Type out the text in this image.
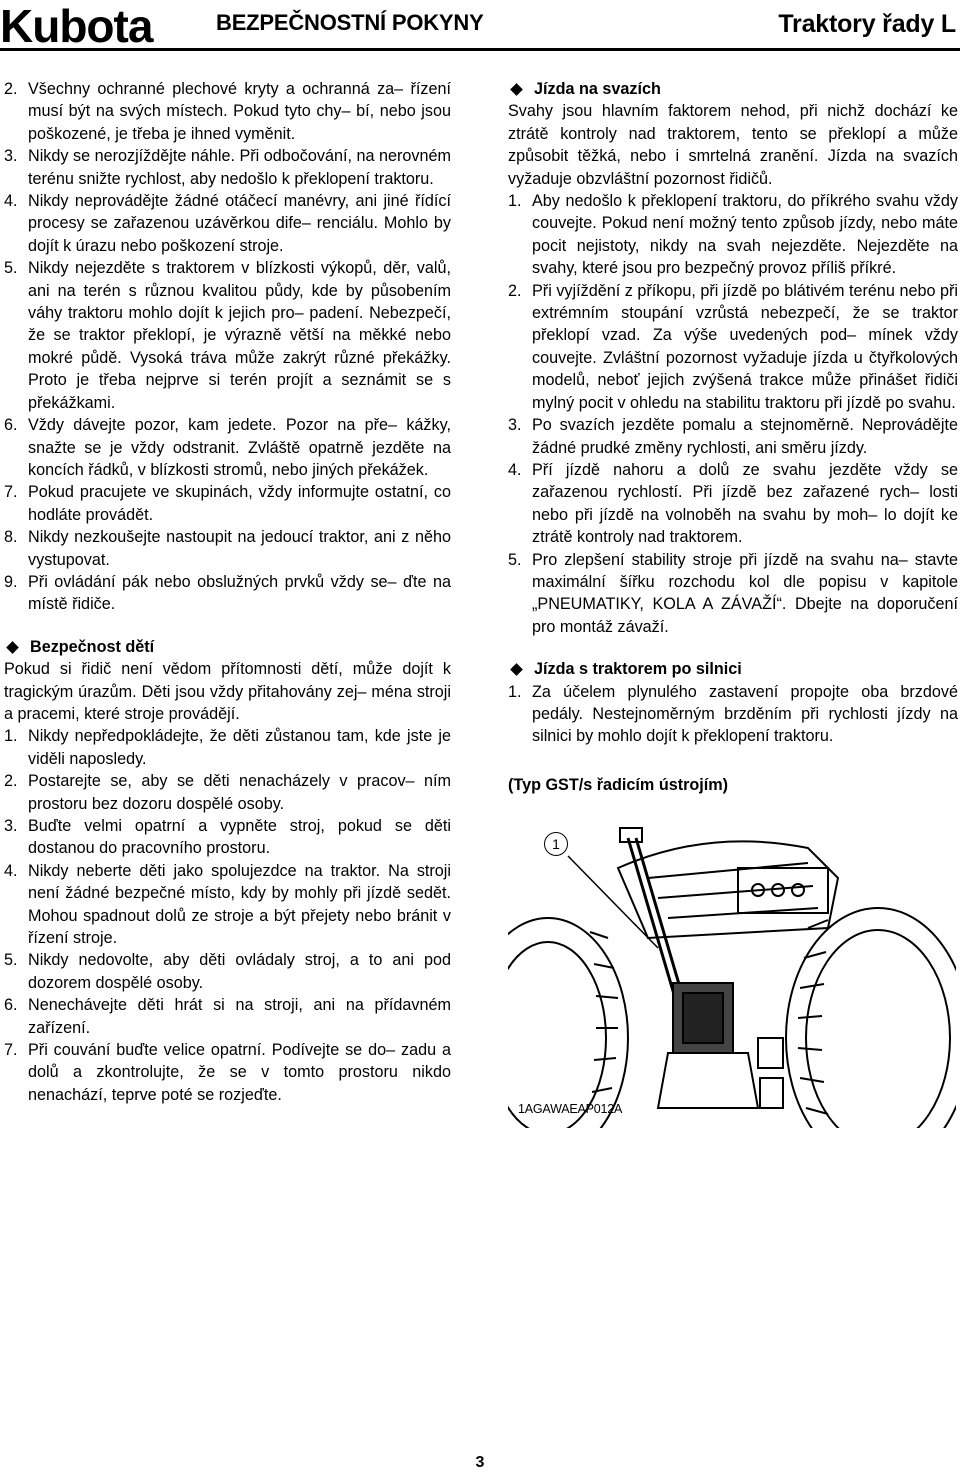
Kubota	BEZPEČNOSTNÍ POKYNY	Traktory řady L
2. Všechny ochranné plechové kryty a ochranná za– řízení musí být na svých místech. Pokud tyto chy– bí, nebo jsou poškozené, je třeba je ihned vyměnit.
3. Nikdy se nerozjíždějte náhle. Při odbočování, na nerovném terénu snižte rychlost, aby nedošlo k překlopení traktoru.
4. Nikdy neprovádějte žádné otáčecí manévry, ani jiné řídící procesy se zařazenou uzávěrkou dife– renciálu. Mohlo by dojít k úrazu nebo poškození stroje.
5. Nikdy nejezděte s traktorem v blízkosti výkopů, děr, valů, ani na terén s různou kvalitou půdy, kde by působením váhy traktoru mohlo dojít k jejich pro– padení. Nebezpečí, že se traktor překlopí, je výrazně větší na měkké nebo mokré půdě. Vysoká tráva může zakrýt různé překážky. Proto je třeba nejprve si terén projít a seznámit se s překážkami.
6. Vždy dávejte pozor, kam jedete. Pozor na pře– kážky, snažte se je vždy odstranit. Zvláště opatrně jezděte na koncích řádků, v blízkosti stromů, nebo jiných překážek.
7. Pokud pracujete ve skupinách, vždy informujte ostatní, co hodláte provádět.
8. Nikdy nezkoušejte nastoupit na jedoucí traktor, ani z něho vystupovat.
9. Při ovládání pák nebo obslužných prvků vždy se– ďte na místě řidiče.
Bezpečnost dětí
Pokud si řidič není vědom přítomnosti dětí, může dojít k tragickým úrazům. Děti jsou vždy přitahovány zej– ména stroji a pracemi, které stroje provádějí.
1. Nikdy nepředpokládejte, že děti zůstanou tam, kde jste je viděli naposledy.
2. Postarejte se, aby se děti nenacházely v pracov– ním prostoru bez dozoru dospělé osoby.
3. Buďte velmi opatrní a vypněte stroj, pokud se děti dostanou do pracovního prostoru.
4. Nikdy neberte děti jako spolujezdce na traktor. Na stroji není žádné bezpečné místo, kdy by mohly při jízdě sedět. Mohou spadnout dolů ze stroje a být přejety nebo bránit v řízení stroje.
5. Nikdy nedovolte, aby děti ovládaly stroj, a to ani pod dozorem dospělé osoby.
6. Nenechávejte děti hrát si na stroji, ani na přídavném zařízení.
7. Při couvání buďte velice opatrní. Podívejte se do– zadu a dolů a zkontrolujte, že se v tomto prostoru nikdo nenachází, teprve poté se rozjeďte.
Jízda na svazích
Svahy jsou hlavním faktorem nehod, při nichž dochází ke ztrátě kontroly nad traktorem, tento se překlopí a může způsobit těžká, nebo i smrtelná zranění. Jízda na svazích vyžaduje obzvláštní pozornost řidičů.
1. Aby nedošlo k překlopení traktoru, do příkrého svahu vždy couvejte. Pokud není možný tento způsob jízdy, nebo máte pocit nejistoty, nikdy na svah nejezděte. Nejezděte na svahy, které jsou pro bezpečný provoz příliš příkré.
2. Při vyjíždění z příkopu, při jízdě po blátivém terénu nebo při extrémním stoupání vzrůstá nebezpečí, že se traktor překlopí vzad. Za výše uvedených pod– mínek vždy couvejte. Zvláštní pozornost vyžaduje jízda u čtyřkolových modelů, neboť jejich zvýšená trakce může přinášet řidiči mylný pocit v ohledu na stabilitu traktoru při jízdě po svahu.
3. Po svazích jezděte pomalu a stejnoměrně. Neprovádějte žádné prudké změny rychlosti, ani směru jízdy.
4. Pří jízdě nahoru a dolů ze svahu jezděte vždy se zařazenou rychlostí. Při jízdě bez zařazené rych– losti nebo při jízdě na volnoběh na svahu by moh– lo dojít ke ztrátě kontroly nad traktorem.
5. Pro zlepšení stability stroje při jízdě na svahu na– stavte maximální šířku rozchodu kol dle popisu v kapitole „PNEUMATIKY, KOLA A ZÁVAŽÍ“. Dbejte na doporučení pro montáž závaží.
Jízda s traktorem po silnici
1. Za účelem plynulého zastavení propojte oba brzdové pedály. Nestejnoměrným brzděním při rychlosti jízdy na silnici by mohlo dojít k překlopení traktoru.
(Typ GST/s řadicím ústrojím)
1
1AGAWAEAP012A
3
